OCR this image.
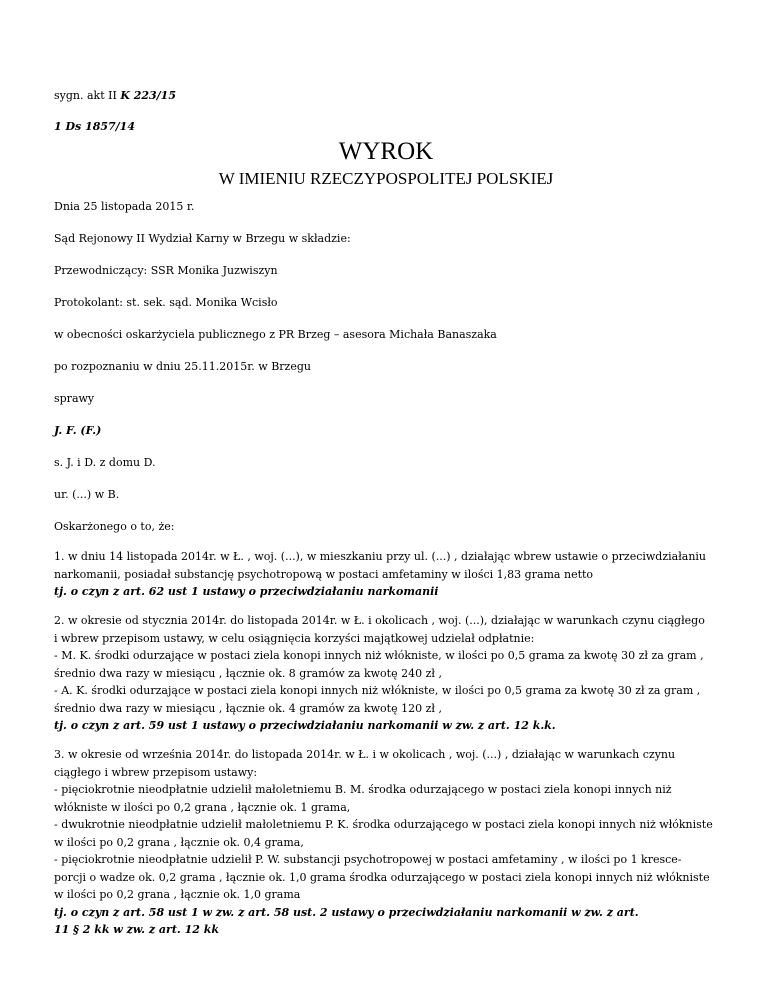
sygn. akt II K 223/15
1 Ds 1857/14
WYROK
W IMIENIU RZECZYPOSPOLITEJ POLSKIEJ
Dnia 25 listopada 2015 r.
Sąd Rejonowy II Wydział Karny w Brzegu w składzie:
Przewodniczący: SSR Monika Juzwiszyn
Protokolant: st. sek. sąd. Monika Wcisło
w obecności oskarżyciela publicznego z PR Brzeg – asesora Michała Banaszaka
po rozpoznaniu w dniu 25.11.2015r. w Brzegu
sprawy
J. F. (F.)
s. J. i D. z domu D.
ur. (...) w B.
Oskarżonego o to, że:
1. w dniu 14 listopada 2014r. w Ł. , woj. (...), w mieszkaniu przy ul. (...) , działając wbrew ustawie o przeciwdziałaniu
narkomanii, posiadał substancję psychotropową w postaci amfetaminy w ilości 1,83 grama netto
tj. o czyn z art. 62 ust 1 ustawy o przeciwdziałaniu narkomanii
2. w okresie od stycznia 2014r. do listopada 2014r. w Ł. i okolicach , woj. (...), działając w warunkach czynu ciągłego
i wbrew przepisom ustawy, w celu osiągnięcia korzyści majątkowej udzielał odpłatnie:
- M. K. środki odurzające w postaci ziela konopi innych niż włókniste, w ilości po 0,5 grama za kwotę 30 zł za gram ,
średnio dwa razy w miesiącu , łącznie ok. 8 gramów za kwotę 240 zł ,
- A. K. środki odurzające w postaci ziela konopi innych niż włókniste, w ilości po 0,5 grama za kwotę 30 zł za gram ,
średnio dwa razy w miesiącu , łącznie ok. 4 gramów za kwotę 120 zł ,
tj. o czyn z art. 59 ust 1 ustawy o przeciwdziałaniu narkomanii w zw. z art. 12 k.k.
3. w okresie od września 2014r. do listopada 2014r. w Ł. i w okolicach , woj. (...) , działając w warunkach czynu
ciągłego i wbrew przepisom ustawy:
- pięciokrotnie nieodpłatnie udzielił małoletniemu B. M. środka odurzającego w postaci ziela konopi innych niż
włókniste w ilości po 0,2 grana , łącznie ok. 1 grama,
- dwukrotnie nieodpłatnie udzielił małoletniemu P. K. środka odurzającego w postaci ziela konopi innych niż włókniste
w ilości po 0,2 grana , łącznie ok. 0,4 grama,
- pięciokrotnie nieodpłatnie udzielił P. W. substancji psychotropowej w postaci amfetaminy , w ilości po 1 krescе-
porcji o wadze ok. 0,2 grama , łącznie ok. 1,0 grama środka odurzającego w postaci ziela konopi innych niż włókniste
w ilości po 0,2 grana , łącznie ok. 1,0 grama
tj. o czyn z art. 58 ust 1 w zw. z art. 58 ust. 2 ustawy o przeciwdziałaniu narkomanii w zw. z art.
11 § 2 kk w zw. z art. 12 kk
